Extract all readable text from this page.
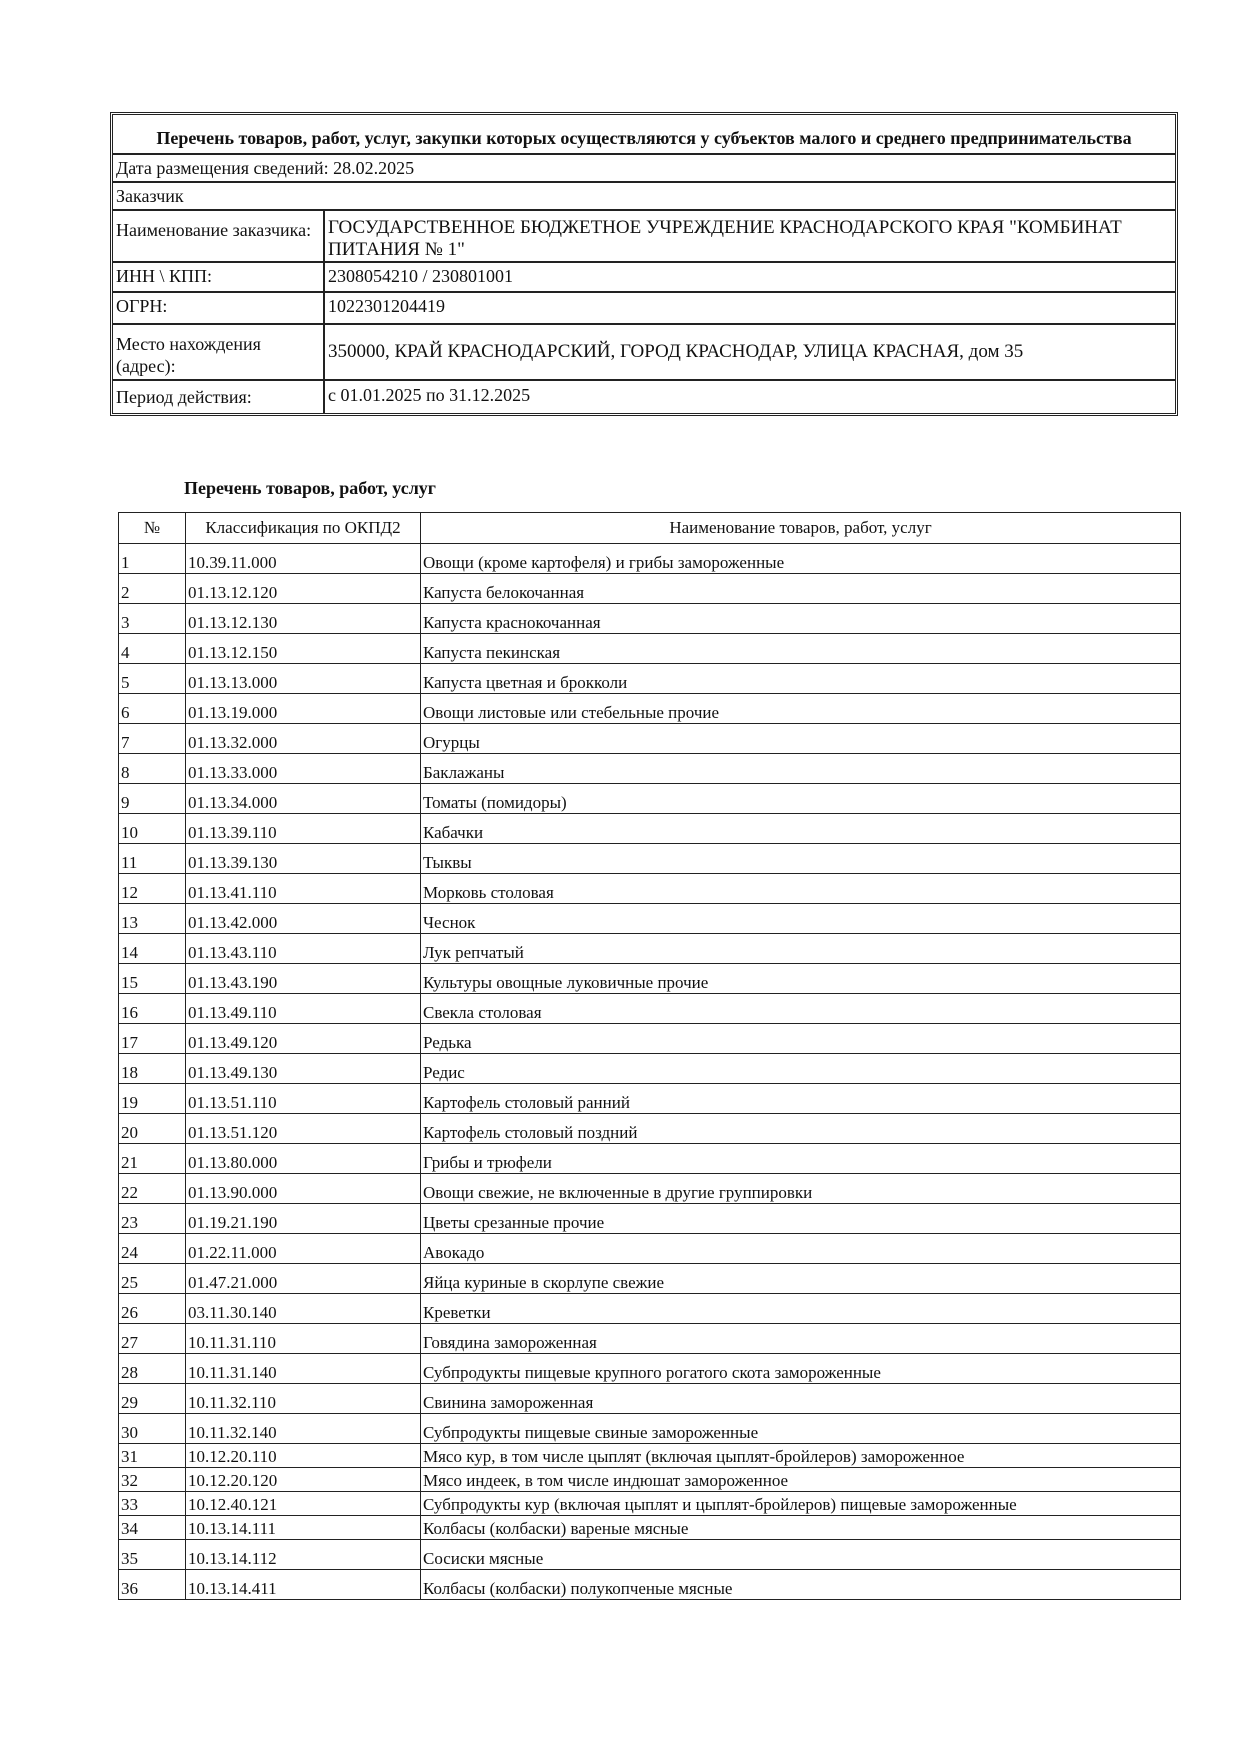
Перечень товаров, работ, услуг, закупки которых осуществляются у субъектов малого и среднего предпринимательства
Дата размещения сведений: 28.02.2025
Заказчик
Наименование заказчика: ГОСУДАРСТВЕННОЕ БЮДЖЕТНОЕ УЧРЕЖДЕНИЕ КРАСНОДАРСКОГО КРАЯ "КОМБИНАТ ПИТАНИЯ № 1"
ИНН \ КПП:	2308054210 / 230801001
ОГРН:	1022301204419
Место нахождения (адрес):
350000, КРАЙ КРАСНОДАРСКИЙ, ГОРОД КРАСНОДАР, УЛИЦА КРАСНАЯ, дом 35
Период действия:	с 01.01.2025 по 31.12.2025
Перечень товаров, работ, услуг
№	Классификация по ОКПД2	Наименование товаров, работ, услуг
1	10.39.11.000	Овощи (кроме картофеля) и грибы замороженные
2	01.13.12.120	Капуста белокочанная
3	01.13.12.130	Капуста краснокочанная
4	01.13.12.150	Капуста пекинская
5	01.13.13.000	Капуста цветная и брокколи
6	01.13.19.000	Овощи листовые или стебельные прочие
7	01.13.32.000	Огурцы
8	01.13.33.000	Баклажаны
9	01.13.34.000	Томаты (помидоры)
10	01.13.39.110	Кабачки
11	01.13.39.130	Тыквы
12	01.13.41.110	Морковь столовая
13	01.13.42.000	Чеснок
14	01.13.43.110	Лук репчатый
15	01.13.43.190	Культуры овощные луковичные прочие
16	01.13.49.110	Свекла столовая
17	01.13.49.120	Редька
18	01.13.49.130	Редис
19	01.13.51.110	Картофель столовый ранний
20	01.13.51.120	Картофель столовый поздний
21	01.13.80.000	Грибы и трюфели
22	01.13.90.000	Овощи свежие, не включенные в другие группировки
23	01.19.21.190	Цветы срезанные прочие
24	01.22.11.000	Авокадо
25	01.47.21.000	Яйца куриные в скорлупе свежие
26	03.11.30.140	Креветки
27	10.11.31.110	Говядина замороженная
28	10.11.31.140	Субпродукты пищевые крупного рогатого скота замороженные
29	10.11.32.110	Свинина замороженная
30	10.11.32.140	Субпродукты пищевые свиные замороженные
31	10.12.20.110	Мясо кур, в том числе цыплят (включая цыплят-бройлеров) замороженное
32	10.12.20.120	Мясо индеек, в том числе индюшат замороженное
33	10.12.40.121	Субпродукты кур (включая цыплят и цыплят-бройлеров) пищевые замороженные
34	10.13.14.111	Колбасы (колбаски) вареные мясные
35	10.13.14.112	Сосиски мясные
36	10.13.14.411	Колбасы (колбаски) полукопченые мясные
